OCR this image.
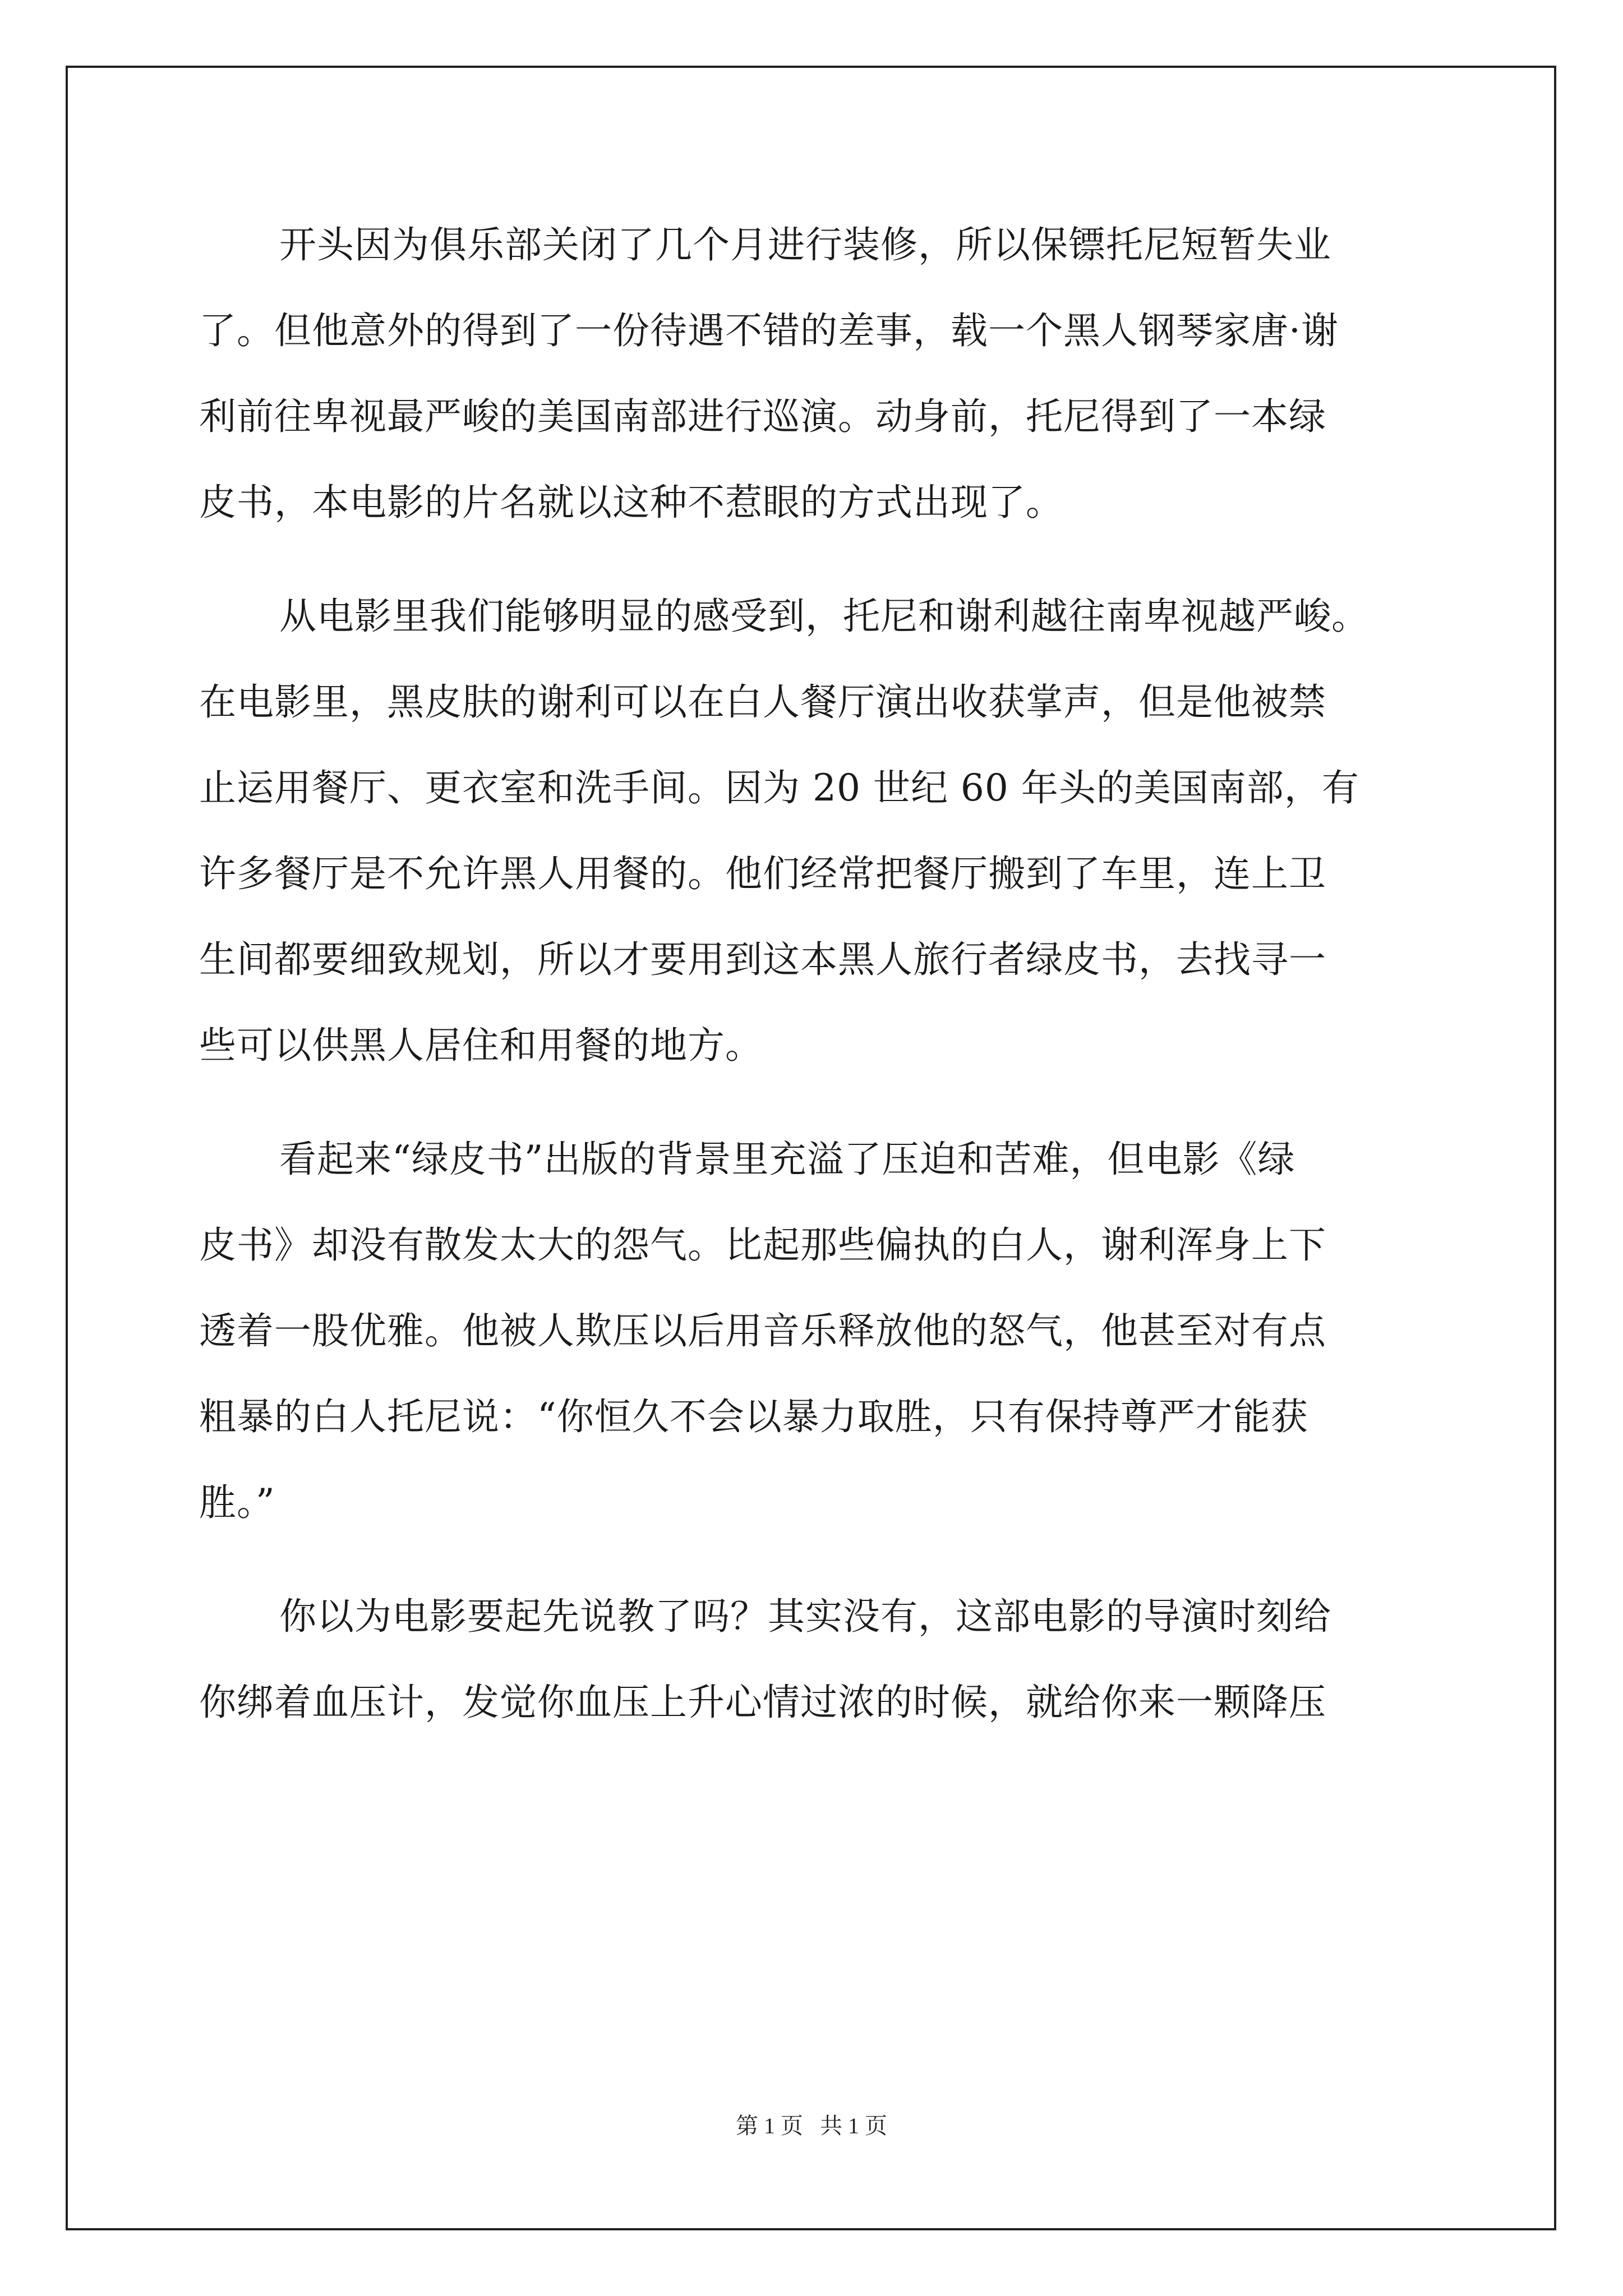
开头因为俱乐部关闭了几个月进行装修，所以保镖托尼短暂失业
了。但他意外的得到了一份待遇不错的差事，载一个黑人钢琴家唐·谢
利前往卑视最严峻的美国南部进行巡演。动身前，托尼得到了一本绿
皮书，本电影的片名就以这种不惹眼的方式出现了。
从电影里我们能够明显的感受到，托尼和谢利越往南卑视越严峻。
在电影里，黑皮肤的谢利可以在白人餐厅演出收获掌声，但是他被禁
止运用餐厅、更衣室和洗手间。因为 20 世纪 60 年头的美国南部，有
许多餐厅是不允许黑人用餐的。他们经常把餐厅搬到了车里，连上卫
生间都要细致规划，所以才要用到这本黑人旅行者绿皮书，去找寻一
些可以供黑人居住和用餐的地方。
看起来“绿皮书”出版的背景里充溢了压迫和苦难，但电影《绿
皮书》却没有散发太大的怨气。比起那些偏执的白人，谢利浑身上下
透着一股优雅。他被人欺压以后用音乐释放他的怒气，他甚至对有点
粗暴的白人托尼说：“你恒久不会以暴力取胜，只有保持尊严才能获
胜。”
你以为电影要起先说教了吗？其实没有，这部电影的导演时刻给
你绑着血压计，发觉你血压上升心情过浓的时候，就给你来一颗降压
第 1 页 共 1 页
